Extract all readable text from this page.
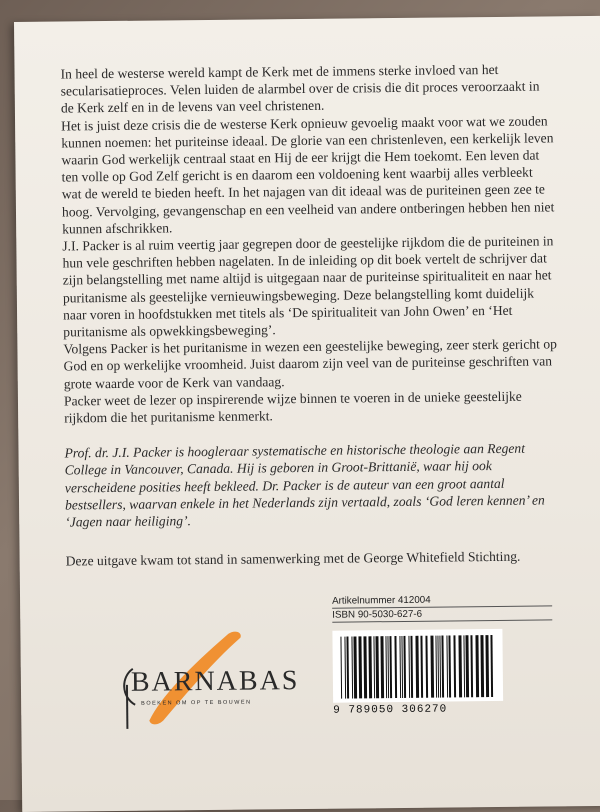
In heel de westerse wereld kampt de Kerk met de immens sterke invloed van het secularisatieproces. Velen luiden de alarmbel over de crisis die dit proces veroorzaakt in de Kerk zelf en in de levens van veel christenen.

Het is juist deze crisis die de westerse Kerk opnieuw gevoelig maakt voor wat we zouden kunnen noemen: het puriteinse ideaal. De glorie van een christenleven, een kerkelijk leven waarin God werkelijk centraal staat en Hij de eer krijgt die Hem toekomt. Een leven dat ten volle op God Zelf gericht is en daarom een voldoening kent waarbij alles verbleekt wat de wereld te bieden heeft. In het najagen van dit ideaal was de puriteinen geen zee te hoog. Vervolging, gevangenschap en een veelheid van andere ontberingen hebben hen niet kunnen afschrikken.

J.I. Packer is al ruim veertig jaar gegrepen door de geestelijke rijkdom die de puriteinen in hun vele geschriften hebben nagelaten. In de inleiding op dit boek vertelt de schrijver dat zijn belangstelling met name altijd is uitgegaan naar de puriteinse spiritualiteit en naar het puritanisme als geestelijke vernieuwingsbeweging. Deze belangstelling komt duidelijk naar voren in hoofdstukken met titels als ‘De spiritualiteit van John Owen’ en ‘Het puritanisme als opwekkingsbeweging’.

Volgens Packer is het puritanisme in wezen een geestelijke beweging, zeer sterk gericht op God en op werkelijke vroomheid. Juist daarom zijn veel van de puriteinse geschriften van grote waarde voor de Kerk van vandaag.

Packer weet de lezer op inspirerende wijze binnen te voeren in de unieke geestelijke rijkdom die het puritanisme kenmerkt.

Prof. dr. J.I. Packer is hoogleraar systematische en historische theologie aan Regent College in Vancouver, Canada. Hij is geboren in Groot-Brittanië, waar hij ook verscheidene posities heeft bekleed. Dr. Packer is de auteur van een groot aantal bestsellers, waarvan enkele in het Nederlands zijn vertaald, zoals ‘God leren kennen’ en ‘Jagen naar heiliging’.

Deze uitgave kwam tot stand in samenwerking met de George Whitefield Stichting.

Artikelnummer 412004
ISBN 90-5030-627-6
9 789050 306270
BARNABAS
BOEKEN OM OP TE BOUWEN
